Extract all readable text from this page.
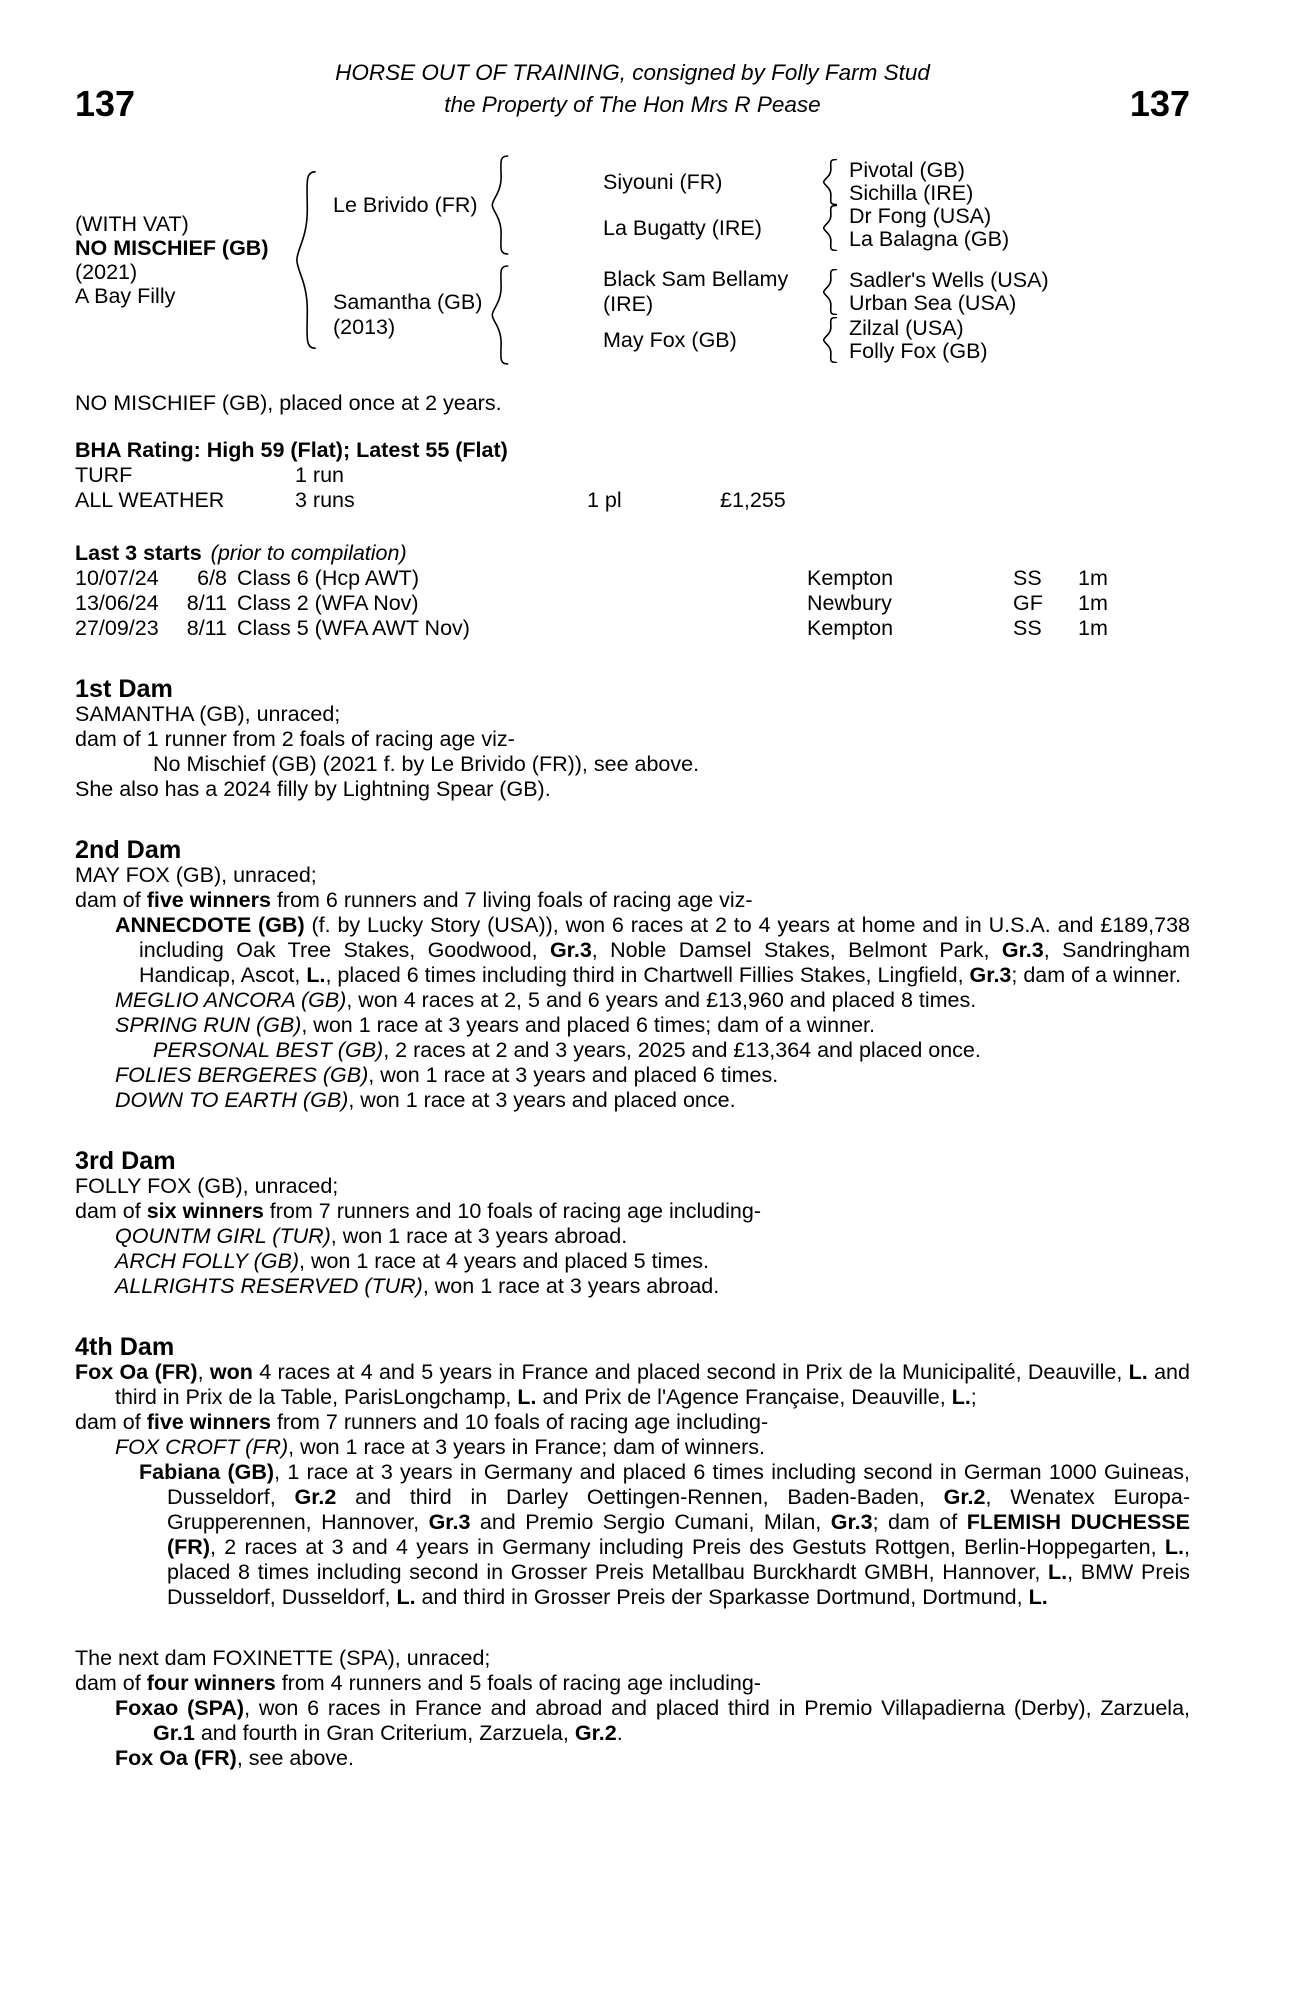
137	137
HORSE OUT OF TRAINING, consigned by Folly Farm Stud
the Property of The Hon Mrs R Pease
(WITH VAT)
NO MISCHIEF (GB)
(2021)
A Bay Filly
Le Brivido (FR)
Siyouni (FR)	Pivotal (GB)
Sichilla (IRE)
La Bugatty (IRE)	Dr Fong (USA)
La Balagna (GB)
Samantha (GB)
(2013)
Black Sam Bellamy (IRE)
Sadler's Wells (USA)
Urban Sea (USA)
May Fox (GB)	Zilzal (USA)
Folly Fox (GB)

NO MISCHIEF (GB), placed once at 2 years.

BHA Rating: High 59 (Flat); Latest 55 (Flat)

TURF	1 run
ALL WEATHER	3 runs	1 pl	£1,255
Last 3 starts (prior to compilation)
10/07/24	6/8 Class 6 (Hcp AWT)	Kempton	SS 1m
13/06/24	8/11 Class 2 (WFA Nov)	Newbury	GF 1m
27/09/23	8/11 Class 5 (WFA AWT Nov)	Kempton	SS 1m
1st Dam

SAMANTHA (GB), unraced;

dam of 1 runner from 2 foals of racing age viz-

No Mischief (GB) (2021 f. by Le Brivido (FR)), see above.

She also has a 2024 filly by Lightning Spear (GB).

2nd Dam

MAY FOX (GB), unraced;

dam of five winners from 6 runners and 7 living foals of racing age viz-

ANNECDOTE (GB) (f. by Lucky Story (USA)), won 6 races at 2 to 4 years at home and in U.S.A. and £189,738 including Oak Tree Stakes, Goodwood, Gr.3, Noble Damsel Stakes, Belmont Park, Gr.3, Sandringham Handicap, Ascot, L., placed 6 times including third in Chartwell Fillies Stakes, Lingfield, Gr.3; dam of a winner.

MEGLIO ANCORA (GB), won 4 races at 2, 5 and 6 years and £13,960 and placed 8 times.

SPRING RUN (GB), won 1 race at 3 years and placed 6 times; dam of a winner.

PERSONAL BEST (GB), 2 races at 2 and 3 years, 2025 and £13,364 and placed once.

FOLIES BERGERES (GB), won 1 race at 3 years and placed 6 times.

DOWN TO EARTH (GB), won 1 race at 3 years and placed once.

3rd Dam

FOLLY FOX (GB), unraced;

dam of six winners from 7 runners and 10 foals of racing age including-

QOUNTM GIRL (TUR), won 1 race at 3 years abroad.

ARCH FOLLY (GB), won 1 race at 4 years and placed 5 times.

ALLRIGHTS RESERVED (TUR), won 1 race at 3 years abroad.

4th Dam

Fox Oa (FR), won 4 races at 4 and 5 years in France and placed second in Prix de la Municipalité, Deauville, L. and third in Prix de la Table, ParisLongchamp, L. and Prix de l'Agence Française, Deauville, L.;

dam of five winners from 7 runners and 10 foals of racing age including-

FOX CROFT (FR), won 1 race at 3 years in France; dam of winners.

Fabiana (GB), 1 race at 3 years in Germany and placed 6 times including second in German 1000 Guineas, Dusseldorf, Gr.2 and third in Darley Oettingen-Rennen, Baden-Baden, Gr.2, Wenatex Europa-Grupperennen, Hannover, Gr.3 and Premio Sergio Cumani, Milan, Gr.3; dam of FLEMISH DUCHESSE (FR), 2 races at 3 and 4 years in Germany including Preis des Gestuts Rottgen, Berlin-Hoppegarten, L., placed 8 times including second in Grosser Preis Metallbau Burckhardt GMBH, Hannover, L., BMW Preis Dusseldorf, Dusseldorf, L. and third in Grosser Preis der Sparkasse Dortmund, Dortmund, L.

The next dam FOXINETTE (SPA), unraced;

dam of four winners from 4 runners and 5 foals of racing age including-

Foxao (SPA), won 6 races in France and abroad and placed third in Premio Villapadierna (Derby), Zarzuela, Gr.1 and fourth in Gran Criterium, Zarzuela, Gr.2.

Fox Oa (FR), see above.
